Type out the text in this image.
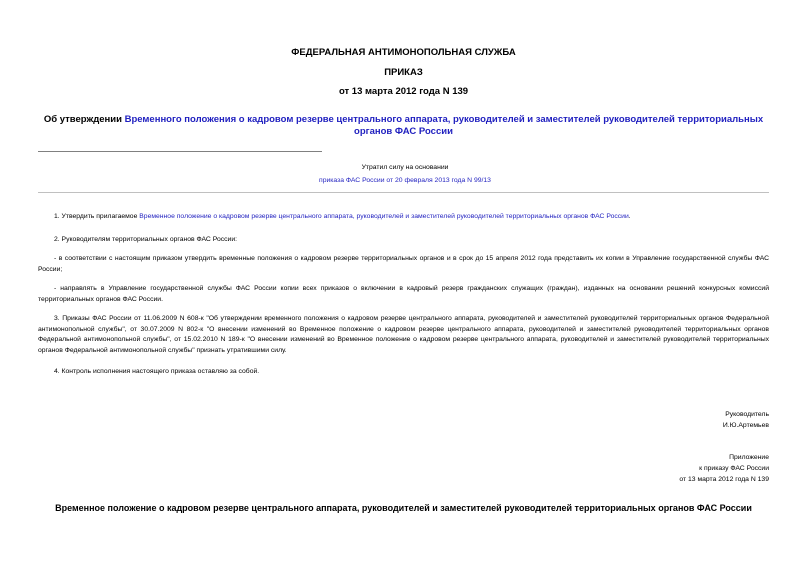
ФЕДЕРАЛЬНАЯ АНТИМОНОПОЛЬНАЯ СЛУЖБА
ПРИКАЗ
от 13 марта 2012 года N 139
Об утверждении Временного положения о кадровом резерве центрального аппарата, руководителей и заместителей руководителей территориальных органов ФАС России
Утратил силу на основании
приказа ФАС России от 20 февраля 2013 года N 99/13
1. Утвердить прилагаемое Временное положение о кадровом резерве центрального аппарата, руководителей и заместителей руководителей территориальных органов ФАС России.
2. Руководителям территориальных органов ФАС России:
- в соответствии с настоящим приказом утвердить временные положения о кадровом резерве территориальных органов и в срок до 15 апреля 2012 года представить их копии в Управление государственной службы ФАС России;
- направлять в Управление государственной службы ФАС России копии всех приказов о включении в кадровый резерв гражданских служащих (граждан), изданных на основании решений конкурсных комиссий территориальных органов ФАС России.
3. Приказы ФАС России от 11.06.2009 N 608-к "Об утверждении временного положения о кадровом резерве центрального аппарата, руководителей и заместителей руководителей территориальных органов Федеральной антимонопольной службы", от 30.07.2009 N 802-к "О внесении изменений во Временное положение о кадровом резерве центрального аппарата, руководителей и заместителей руководителей территориальных органов Федеральной антимонопольной службы", от 15.02.2010 N 189-к "О внесении изменений во Временное положение о кадровом резерве центрального аппарата, руководителей и заместителей руководителей территориальных органов Федеральной антимонопольной службы" признать утратившими силу.
4. Контроль исполнения настоящего приказа оставляю за собой.
Руководитель
И.Ю.Артемьев
Приложение
к приказу ФАС России
от 13 марта 2012 года N 139
Временное положение о кадровом резерве центрального аппарата, руководителей и заместителей руководителей территориальных органов ФАС России
